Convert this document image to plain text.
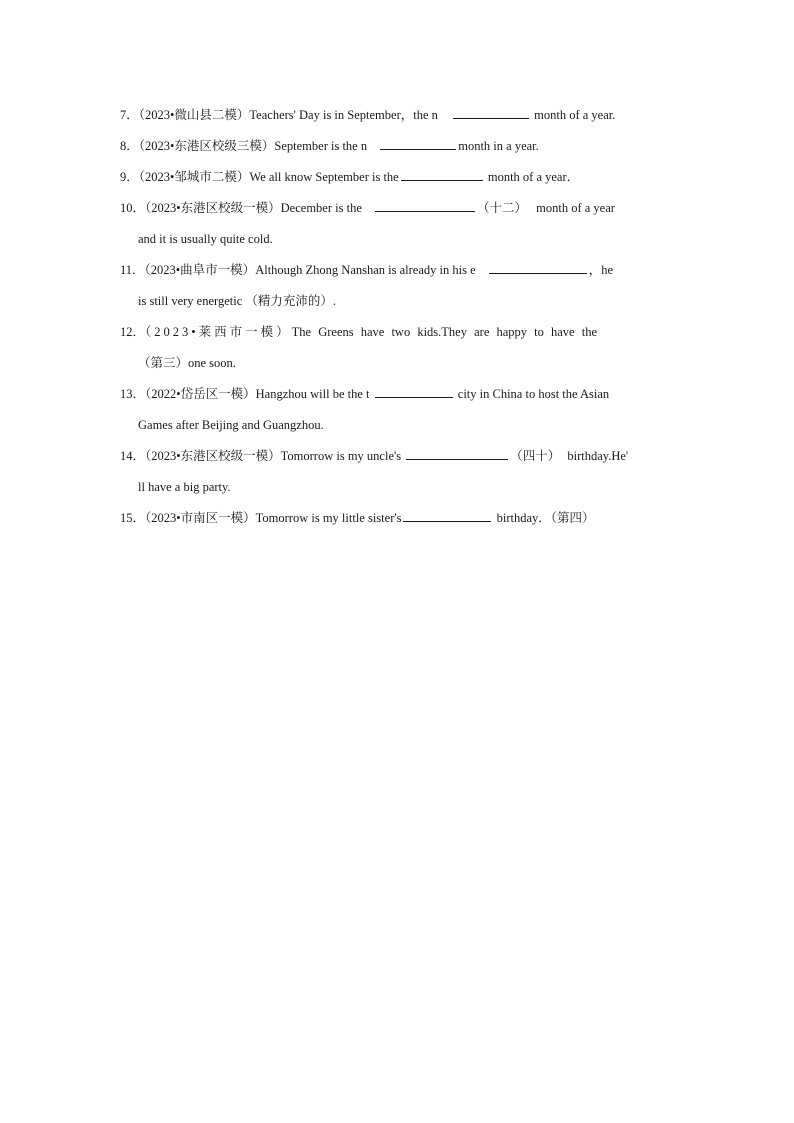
7．（2023•微山县二模）Teachers' Day is in September，the n	month of a year.

8．（2023•东港区校级三模）September is the n	month in a year.

9．（2023•邹城市二模）We all know September is the	month of a year．

10．（2023•东港区校级一模）December is the	（十二） month of a year

and it is usually quite cold.

11．（2023•曲阜市一模）Although Zhong Nanshan is already in his e	，he

is still very energetic （精力充沛的）.

12．（2023•莱西市一模）The Greens have two kids.They are happy to have the

（第三）one soon.

13．（2022•岱岳区一模）Hangzhou will be the t	city in China to host the Asian

Games after Beijing and Guangzhou.

14．（2023•东港区校级一模）Tomorrow is my uncle's	（四十） birthday.He'

ll have a big party.

15．（2023•市南区一模）Tomorrow is my little sister's	birthday．（第四）
